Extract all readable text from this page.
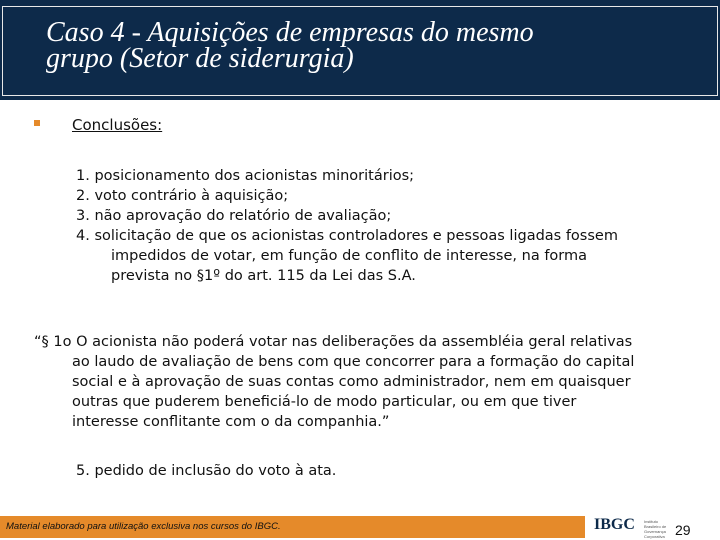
Caso 4 - Aquisições de empresas do mesmo
grupo (Setor de siderurgia)
Conclusões:
1. posicionamento dos acionistas minoritários;
2. voto contrário à aquisição;
3. não aprovação do relatório de avaliação;
4. solicitação de que os acionistas controladores e pessoas ligadas fossem
impedidos de votar, em função de conflito de interesse, na forma
prevista no §1º do art. 115 da Lei das S.A.
“§ 1o O acionista não poderá votar nas deliberações da assembléia geral relativas
ao laudo de avaliação de bens com que concorrer para a formação do capital
social e à aprovação de suas contas como administrador, nem em quaisquer
outras que puderem beneficiá-lo de modo particular, ou em que tiver
interesse conflitante com o da companhia.”
5. pedido de inclusão do voto à ata.
Material elaborado para utilização exclusiva nos cursos do IBGC.	IBGC Instituto Brasileiro de Governança Corporativa 29
